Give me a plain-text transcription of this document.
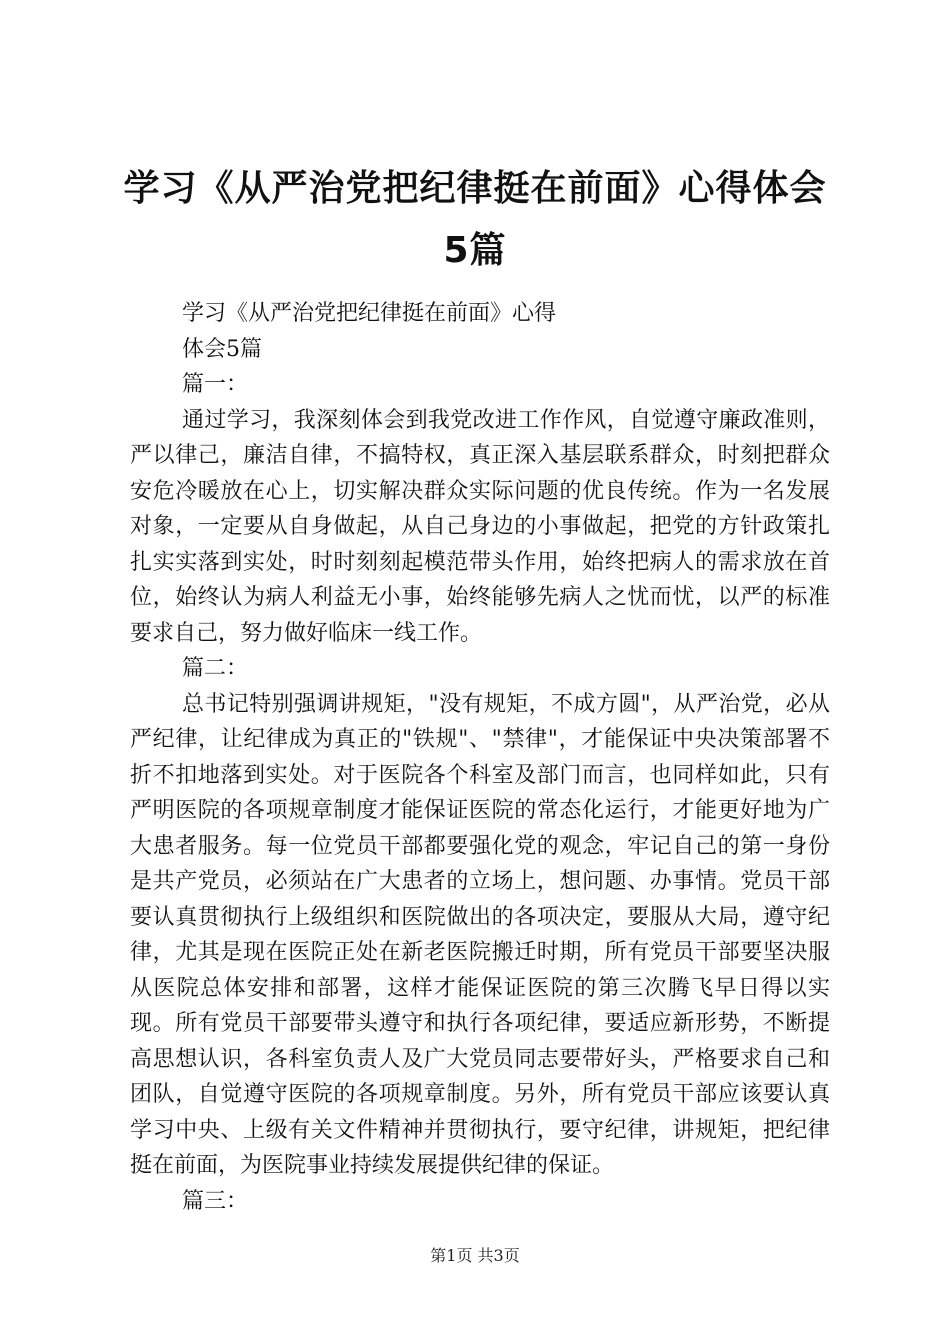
学习《从严治党把纪律挺在前面》心得体会5篇

学习《从严治党把纪律挺在前面》心得

体会5篇

篇一：

通过学习，我深刻体会到我党改进工作作风，自觉遵守廉政准则，严以律己，廉洁自律，不搞特权，真正深入基层联系群众，时刻把群众安危冷暖放在心上，切实解决群众实际问题的优良传统。作为一名发展对象，一定要从自身做起，从自己身边的小事做起，把党的方针政策扎扎实实落到实处，时时刻刻起模范带头作用，始终把病人的需求放在首位，始终认为病人利益无小事，始终能够先病人之忧而忧，以严的标准要求自己，努力做好临床一线工作。

篇二：

总书记特别强调讲规矩，"没有规矩，不成方圆"，从严治党，必从严纪律，让纪律成为真正的"铁规"、"禁律"，才能保证中央决策部署不折不扣地落到实处。对于医院各个科室及部门而言，也同样如此，只有严明医院的各项规章制度才能保证医院的常态化运行，才能更好地为广大患者服务。每一位党员干部都要强化党的观念，牢记自己的第一身份是共产党员，必须站在广大患者的立场上，想问题、办事情。党员干部要认真贯彻执行上级组织和医院做出的各项决定，要服从大局，遵守纪律，尤其是现在医院正处在新老医院搬迁时期，所有党员干部要坚决服从医院总体安排和部署，这样才能保证医院的第三次腾飞早日得以实现。所有党员干部要带头遵守和执行各项纪律，要适应新形势，不断提高思想认识，各科室负责人及广大党员同志要带好头，严格要求自己和团队，自觉遵守医院的各项规章制度。另外，所有党员干部应该要认真学习中央、上级有关文件精神并贯彻执行，要守纪律，讲规矩，把纪律挺在前面，为医院事业持续发展提供纪律的保证。

篇三：

第1页 共3页
